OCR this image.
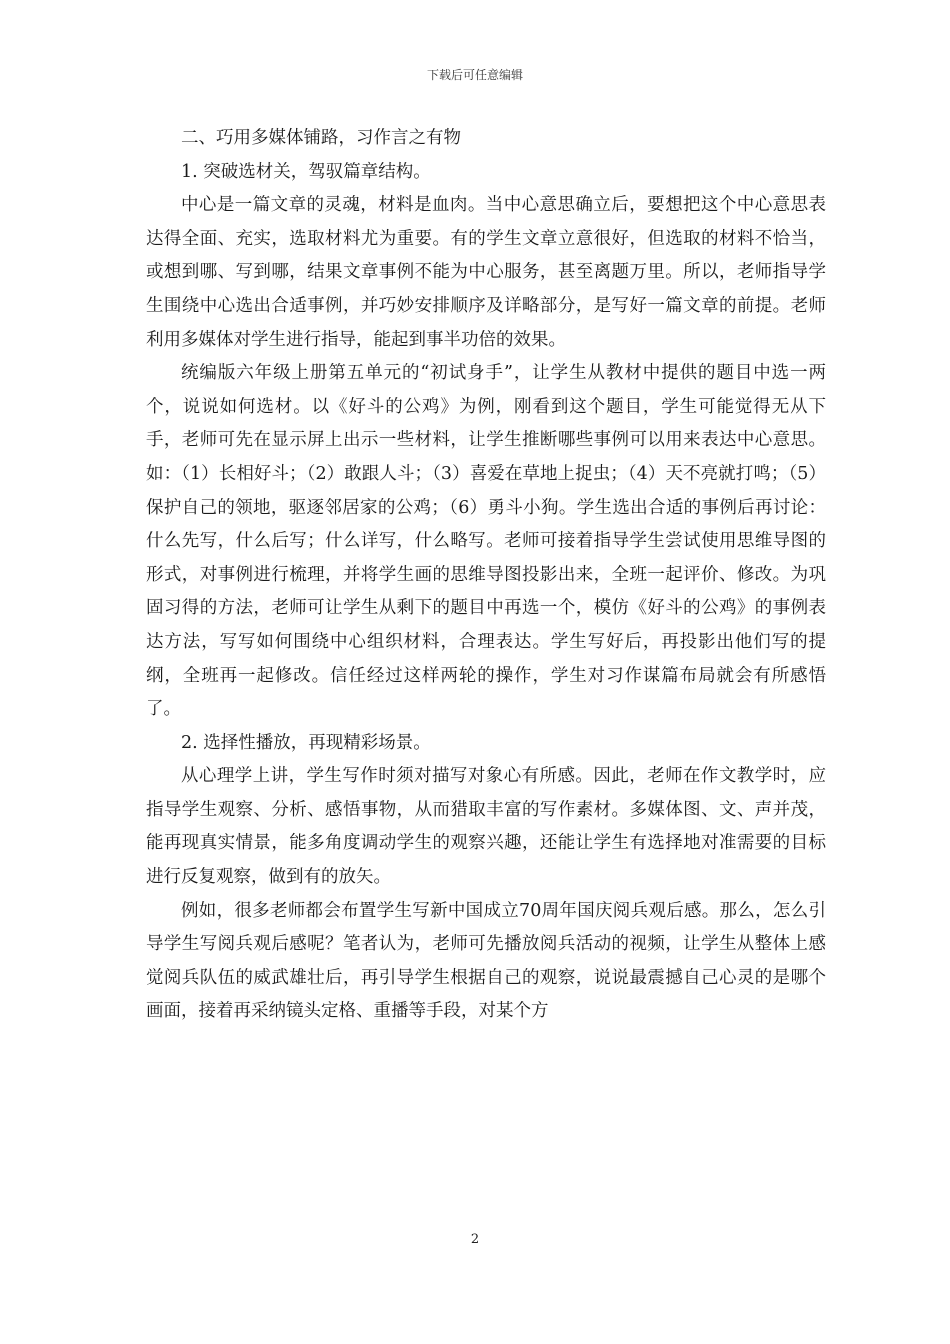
下载后可任意编辑

二、巧用多媒体铺路，习作言之有物

1. 突破选材关，驾驭篇章结构。

中心是一篇文章的灵魂，材料是血肉。当中心意思确立后，要想把这个中心意思表达得全面、充实，选取材料尤为重要。有的学生文章立意很好，但选取的材料不恰当，或想到哪、写到哪，结果文章事例不能为中心服务，甚至离题万里。所以，老师指导学生围绕中心选出合适事例，并巧妙安排顺序及详略部分，是写好一篇文章的前提。老师利用多媒体对学生进行指导，能起到事半功倍的效果。

统编版六年级上册第五单元的“初试身手”，让学生从教材中提供的题目中选一两个，说说如何选材。以《好斗的公鸡》为例，刚看到这个题目，学生可能觉得无从下手，老师可先在显示屏上出示一些材料，让学生推断哪些事例可以用来表达中心意思。如：（1）长相好斗；（2）敢跟人斗；（3）喜爱在草地上捉虫；（4）天不亮就打鸣；（5）保护自己的领地，驱逐邻居家的公鸡；（6）勇斗小狗。学生选出合适的事例后再讨论：什么先写，什么后写；什么详写，什么略写。老师可接着指导学生尝试使用思维导图的形式，对事例进行梳理，并将学生画的思维导图投影出来，全班一起评价、修改。为巩固习得的方法，老师可让学生从剩下的题目中再选一个，模仿《好斗的公鸡》的事例表达方法，写写如何围绕中心组织材料，合理表达。学生写好后，再投影出他们写的提纲，全班再一起修改。信任经过这样两轮的操作，学生对习作谋篇布局就会有所感悟了。

2. 选择性播放，再现精彩场景。

从心理学上讲，学生写作时须对描写对象心有所感。因此，老师在作文教学时，应指导学生观察、分析、感悟事物，从而猎取丰富的写作素材。多媒体图、文、声并茂，能再现真实情景，能多角度调动学生的观察兴趣，还能让学生有选择地对准需要的目标进行反复观察，做到有的放矢。

例如，很多老师都会布置学生写新中国成立70周年国庆阅兵观后感。那么，怎么引导学生写阅兵观后感呢？笔者认为，老师可先播放阅兵活动的视频，让学生从整体上感觉阅兵队伍的威武雄壮后，再引导学生根据自己的观察，说说最震撼自己心灵的是哪个画面，接着再采纳镜头定格、重播等手段，对某个方

2
